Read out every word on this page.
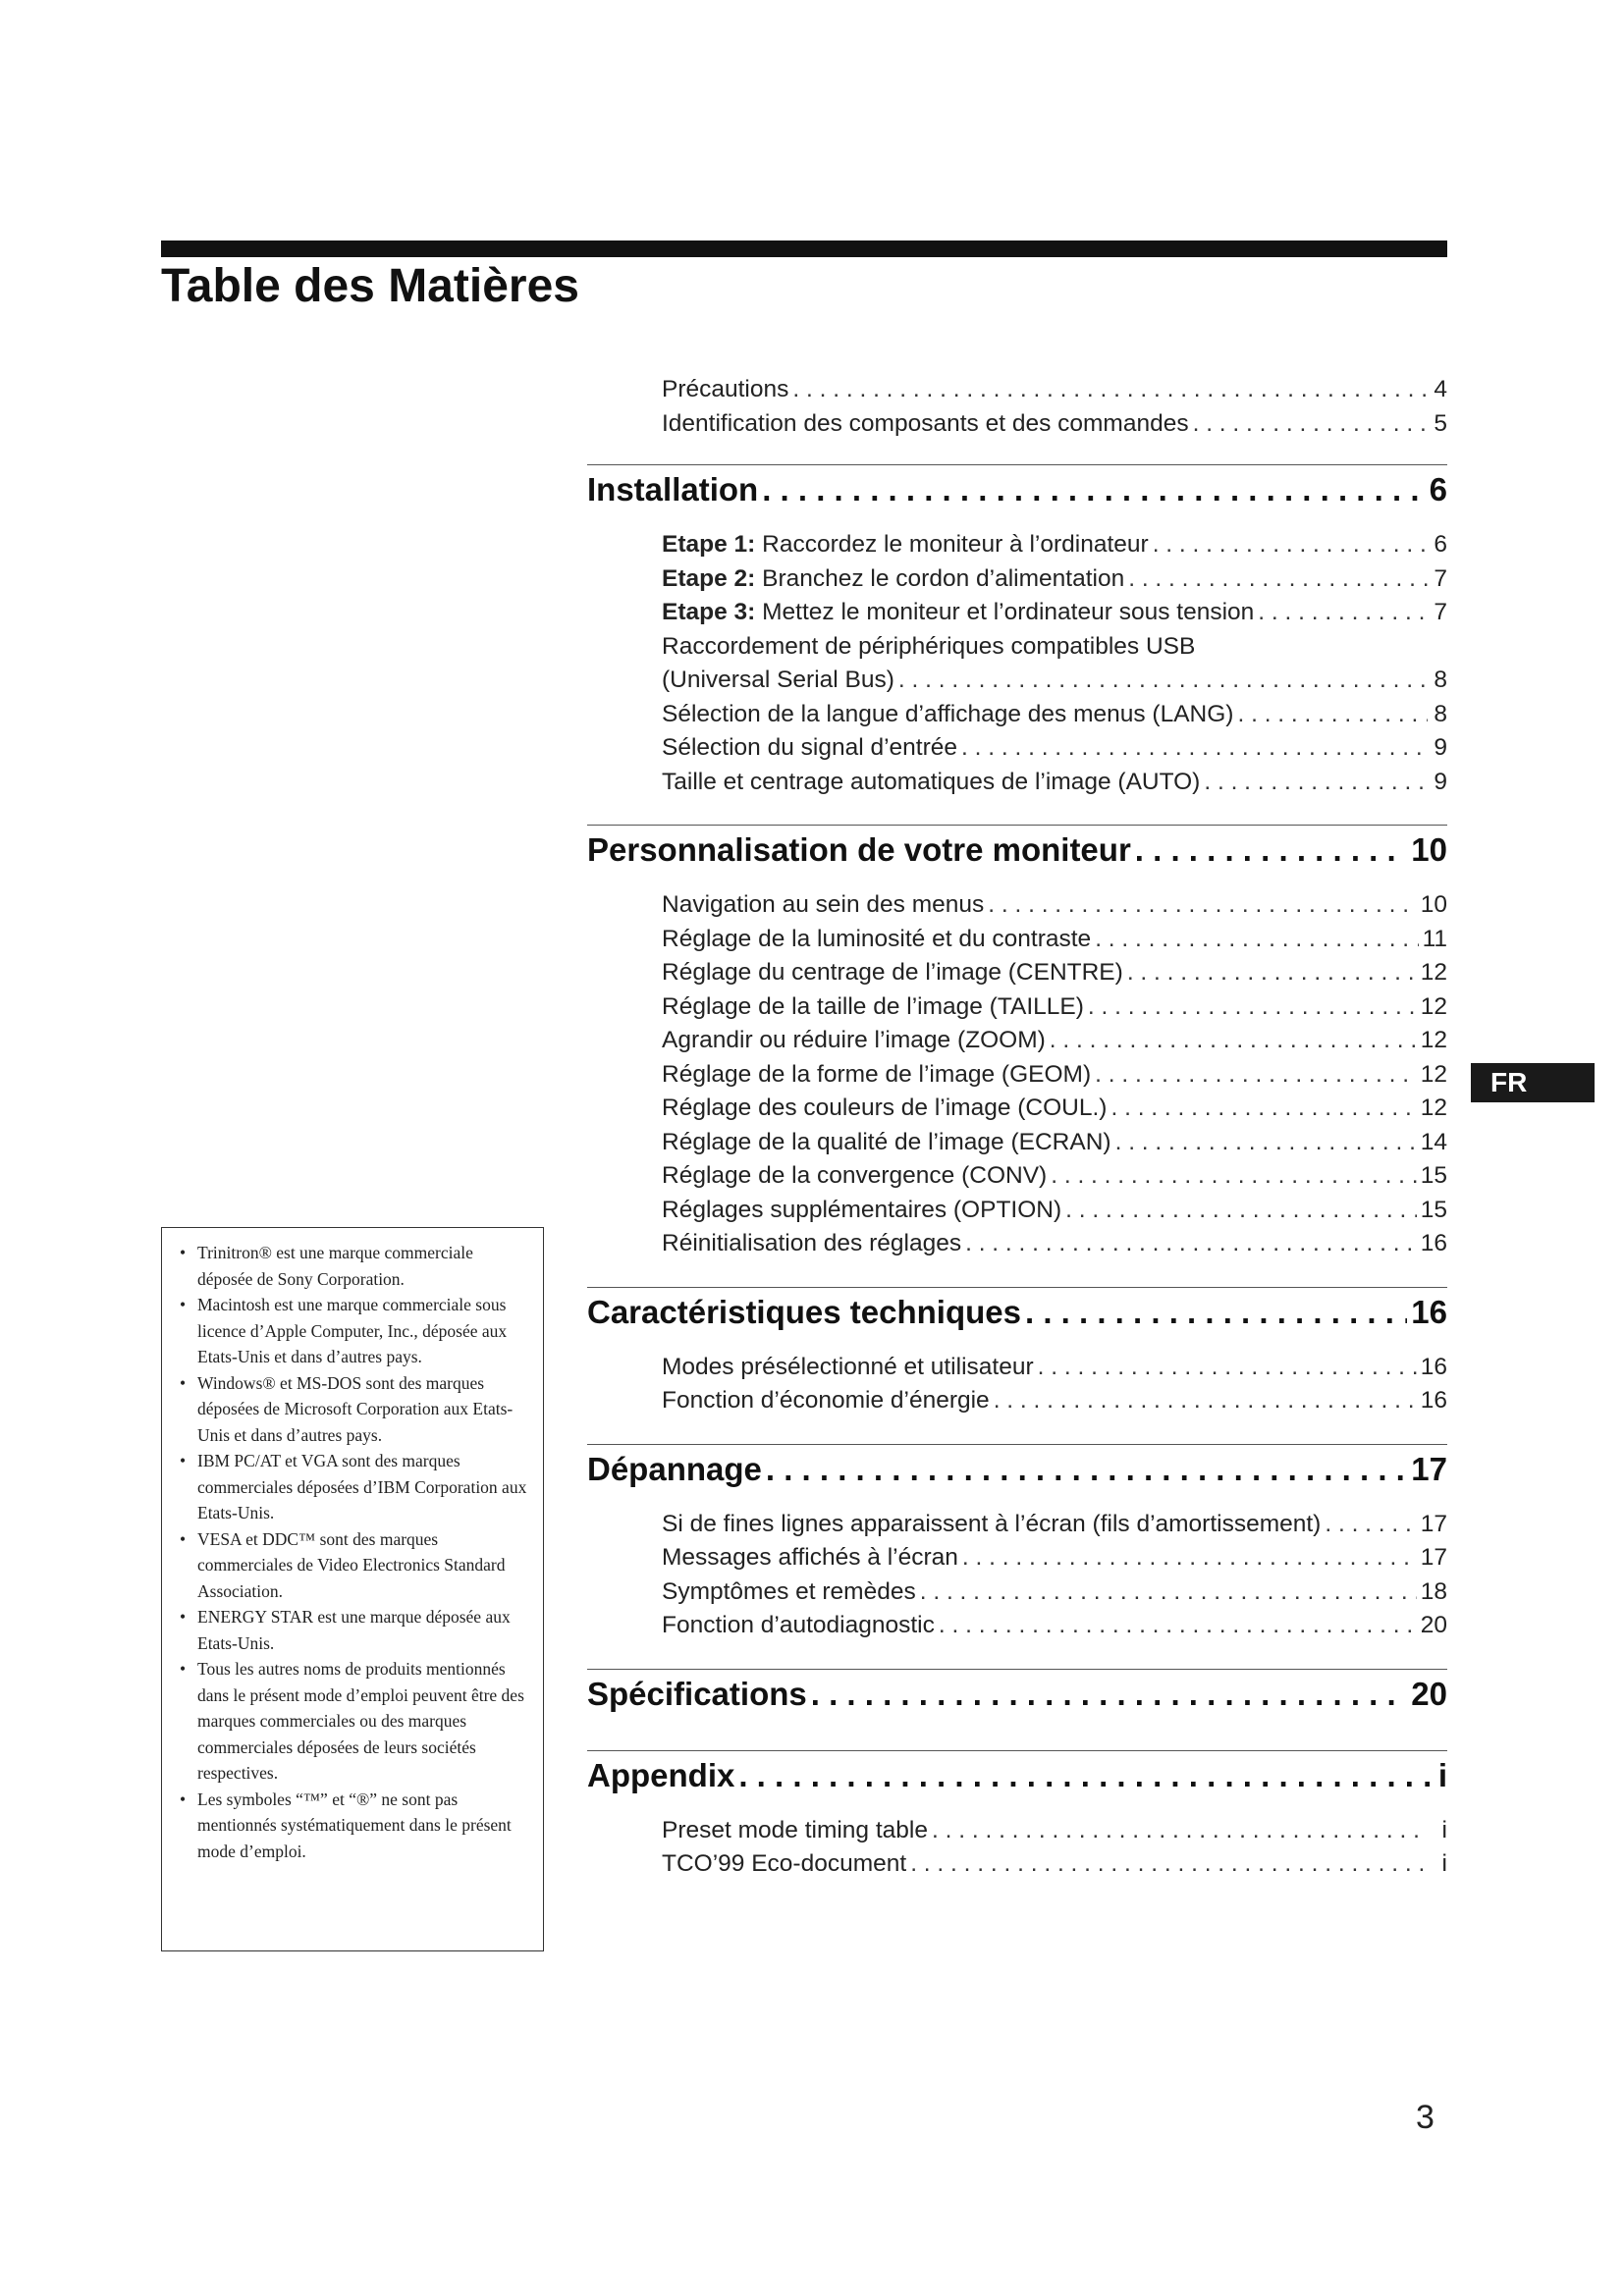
Table des Matières
Précautions . . .	4
Identification des composants et des commandes . . .	5
Installation . . .	6
Etape 1: Raccordez le moniteur à l’ordinateur . . .	6
Etape 2: Branchez le cordon d’alimentation . . .	7
Etape 3: Mettez le moniteur et l’ordinateur sous tension . . .	7
Raccordement de périphériques compatibles USB
(Universal Serial Bus) . . .	8
Sélection de la langue d’affichage des menus (LANG) . . .	8
Sélection du signal d’entrée . . .	9
Taille et centrage automatiques de l’image (AUTO) . . .	9
Personnalisation de votre moniteur . . .	10
Navigation au sein des menus . . .	10
Réglage de la luminosité et du contraste . . .	11
Réglage du centrage de l’image (CENTRE) . . .	12
Réglage de la taille de l’image (TAILLE) . . .	12
Agrandir ou réduire l’image (ZOOM) . . .	12
Réglage de la forme de l’image (GEOM) . . .	12
Réglage des couleurs de l’image (COUL.) . . .	12
Réglage de la qualité de l’image (ECRAN) . . .	14
Réglage de la convergence (CONV) . . .	15
Réglages supplémentaires (OPTION) . . .	15
Réinitialisation des réglages . . .	16
Caractéristiques techniques . . .	16
Modes présélectionné et utilisateur . . .	16
Fonction d’économie d’énergie . . .	16
Dépannage . . .	17
Si de fines lignes apparaissent à l’écran (fils d’amortissement) . . .	17
Messages affichés à l’écran . . .	17
Symptômes et remèdes . . .	18
Fonction d’autodiagnostic . . .	20
Spécifications . . .	20
Appendix . . .	i
Preset mode timing table . . .	i
TCO’99 Eco-document . . .	i
FR
• Trinitron® est une marque commerciale déposée de Sony Corporation.
• Macintosh est une marque commerciale sous licence d’Apple Computer, Inc., déposée aux Etats-Unis et dans d’autres pays.
• Windows® et MS-DOS sont des marques déposées de Microsoft Corporation aux Etats-Unis et dans d’autres pays.
• IBM PC/AT et VGA sont des marques commerciales déposées d’IBM Corporation aux Etats-Unis.
• VESA et DDC™ sont des marques commerciales de Video Electronics Standard Association.
• ENERGY STAR est une marque déposée aux Etats-Unis.
• Tous les autres noms de produits mentionnés dans le présent mode d’emploi peuvent être des marques commerciales ou des marques commerciales déposées de leurs sociétés respectives.
• Les symboles “™” et “®” ne sont pas mentionnés systématiquement dans le présent mode d’emploi.
3
